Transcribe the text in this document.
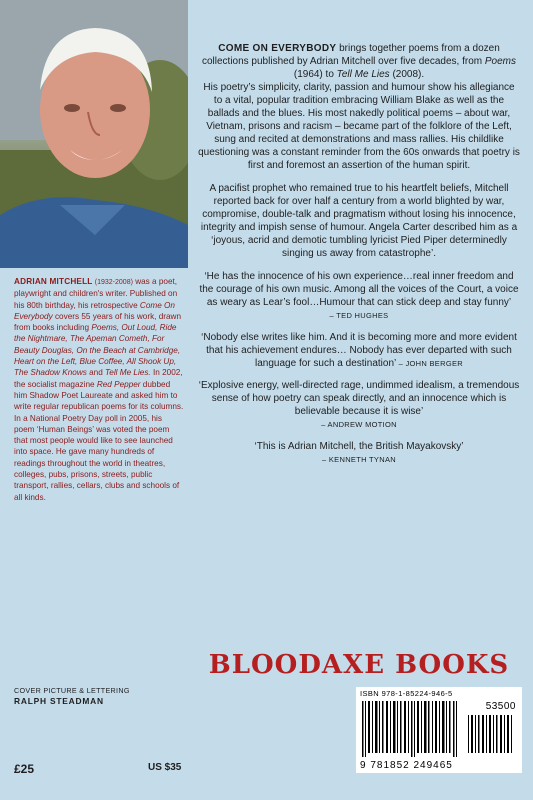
ADRIAN MITCHELL (1932-2008) was a poet, playwright and children's writer. Published on his 80th birthday, his retrospective Come On Everybody covers 55 years of his work, drawn from books including Poems, Out Loud, Ride the Nightmare, The Apeman Cometh, For Beauty Douglas, On the Beach at Cambridge, Heart on the Left, Blue Coffee, All Shook Up, The Shadow Knows and Tell Me Lies. In 2002, the socialist magazine Red Pepper dubbed him Shadow Poet Laureate and asked him to write regular republican poems for its columns. In a National Poetry Day poll in 2005, his poem ‘Human Beings’ was voted the poem that most people would like to see launched into space. He gave many hundreds of readings throughout the world in theatres, colleges, pubs, prisons, streets, public transport, rallies, cellars, clubs and schools of all kinds.
COVER PICTURE & LETTERING
RALPH STEADMAN
£25	US $35

COME ON EVERYBODY brings together poems from a dozen collections published by Adrian Mitchell over five decades, from Poems (1964) to Tell Me Lies (2008).
His poetry’s simplicity, clarity, passion and humour show his allegiance to a vital, popular tradition embracing William Blake as well as the ballads and the blues. His most nakedly political poems – about war, Vietnam, prisons and racism – became part of the folklore of the Left, sung and recited at demonstrations and mass rallies. His childlike questioning was a constant reminder from the 60s onwards that poetry is first and foremost an assertion of the human spirit.

A pacifist prophet who remained true to his heartfelt beliefs, Mitchell reported back for over half a century from a world blighted by war, compromise, double-talk and pragmatism without losing his innocence, integrity and impish sense of humour. Angela Carter described him as a ‘joyous, acrid and demotic tumbling lyricist Pied Piper determinedly singing us away from catastrophe’.

‘He has the innocence of his own experience…real inner freedom and the courage of his own music. Among all the voices of the Court, a voice as weary as Lear’s fool…Humour that can stick deep and stay funny’
– TED HUGHES
‘Nobody else writes like him. And it is becoming more and more evident that his achievement endures… Nobody has ever departed with such language for such a destination’ – JOHN BERGER
‘Explosive energy, well-directed rage, undimmed idealism, a tremendous sense of how poetry can speak directly, and an innocence which is believable because it is wise’
– ANDREW MOTION
‘This is Adrian Mitchell, the British Mayakovsky’
– KENNETH TYNAN
BLOODAXE BOOKS
ISBN 978-1-85224-946-5
53500
9 781852 249465
